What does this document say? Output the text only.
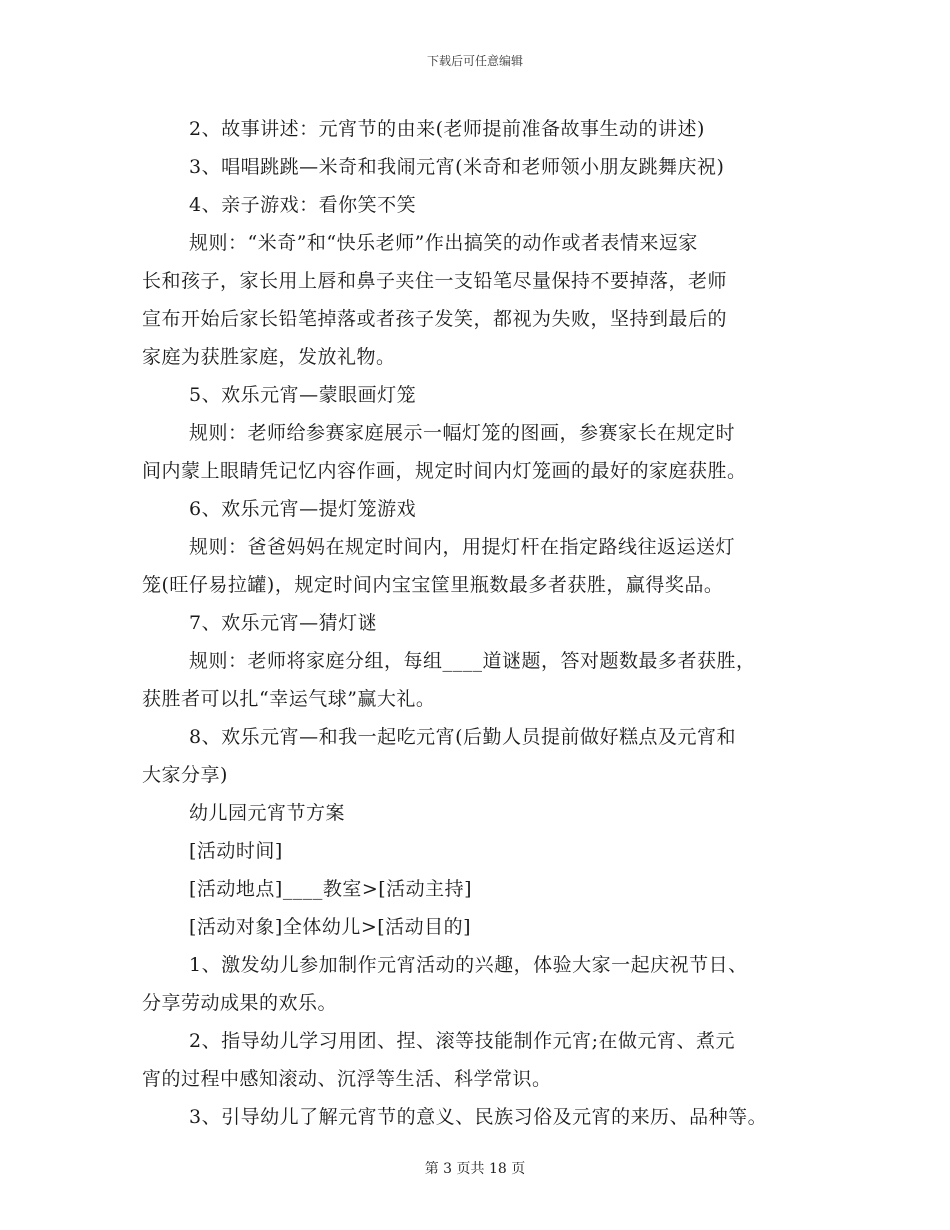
下载后可任意编辑

2、故事讲述：元宵节的由来(老师提前准备故事生动的讲述)

3、唱唱跳跳—米奇和我闹元宵(米奇和老师领小朋友跳舞庆祝)

4、亲子游戏：看你笑不笑

规则：“米奇”和“快乐老师”作出搞笑的动作或者表情来逗家

长和孩子，家长用上唇和鼻子夹住一支铅笔尽量保持不要掉落，老师

宣布开始后家长铅笔掉落或者孩子发笑，都视为失败，坚持到最后的

家庭为获胜家庭，发放礼物。

5、欢乐元宵—蒙眼画灯笼

规则：老师给参赛家庭展示一幅灯笼的图画，参赛家长在规定时

间内蒙上眼睛凭记忆内容作画，规定时间内灯笼画的最好的家庭获胜。

6、欢乐元宵—提灯笼游戏

规则：爸爸妈妈在规定时间内，用提灯杆在指定路线往返运送灯

笼(旺仔易拉罐)，规定时间内宝宝筐里瓶数最多者获胜，赢得奖品。

7、欢乐元宵—猜灯谜

规则：老师将家庭分组，每组____道谜题，答对题数最多者获胜，

获胜者可以扎“幸运气球”赢大礼。

8、欢乐元宵—和我一起吃元宵(后勤人员提前做好糕点及元宵和

大家分享)

幼儿园元宵节方案

[活动时间]

[活动地点]____教室>[活动主持]

[活动对象]全体幼儿>[活动目的]

1、激发幼儿参加制作元宵活动的兴趣，体验大家一起庆祝节日、

分享劳动成果的欢乐。

2、指导幼儿学习用团、捏、滚等技能制作元宵;在做元宵、煮元

宵的过程中感知滚动、沉浮等生活、科学常识。

3、引导幼儿了解元宵节的意义、民族习俗及元宵的来历、品种等。

第 3 页共 18 页
